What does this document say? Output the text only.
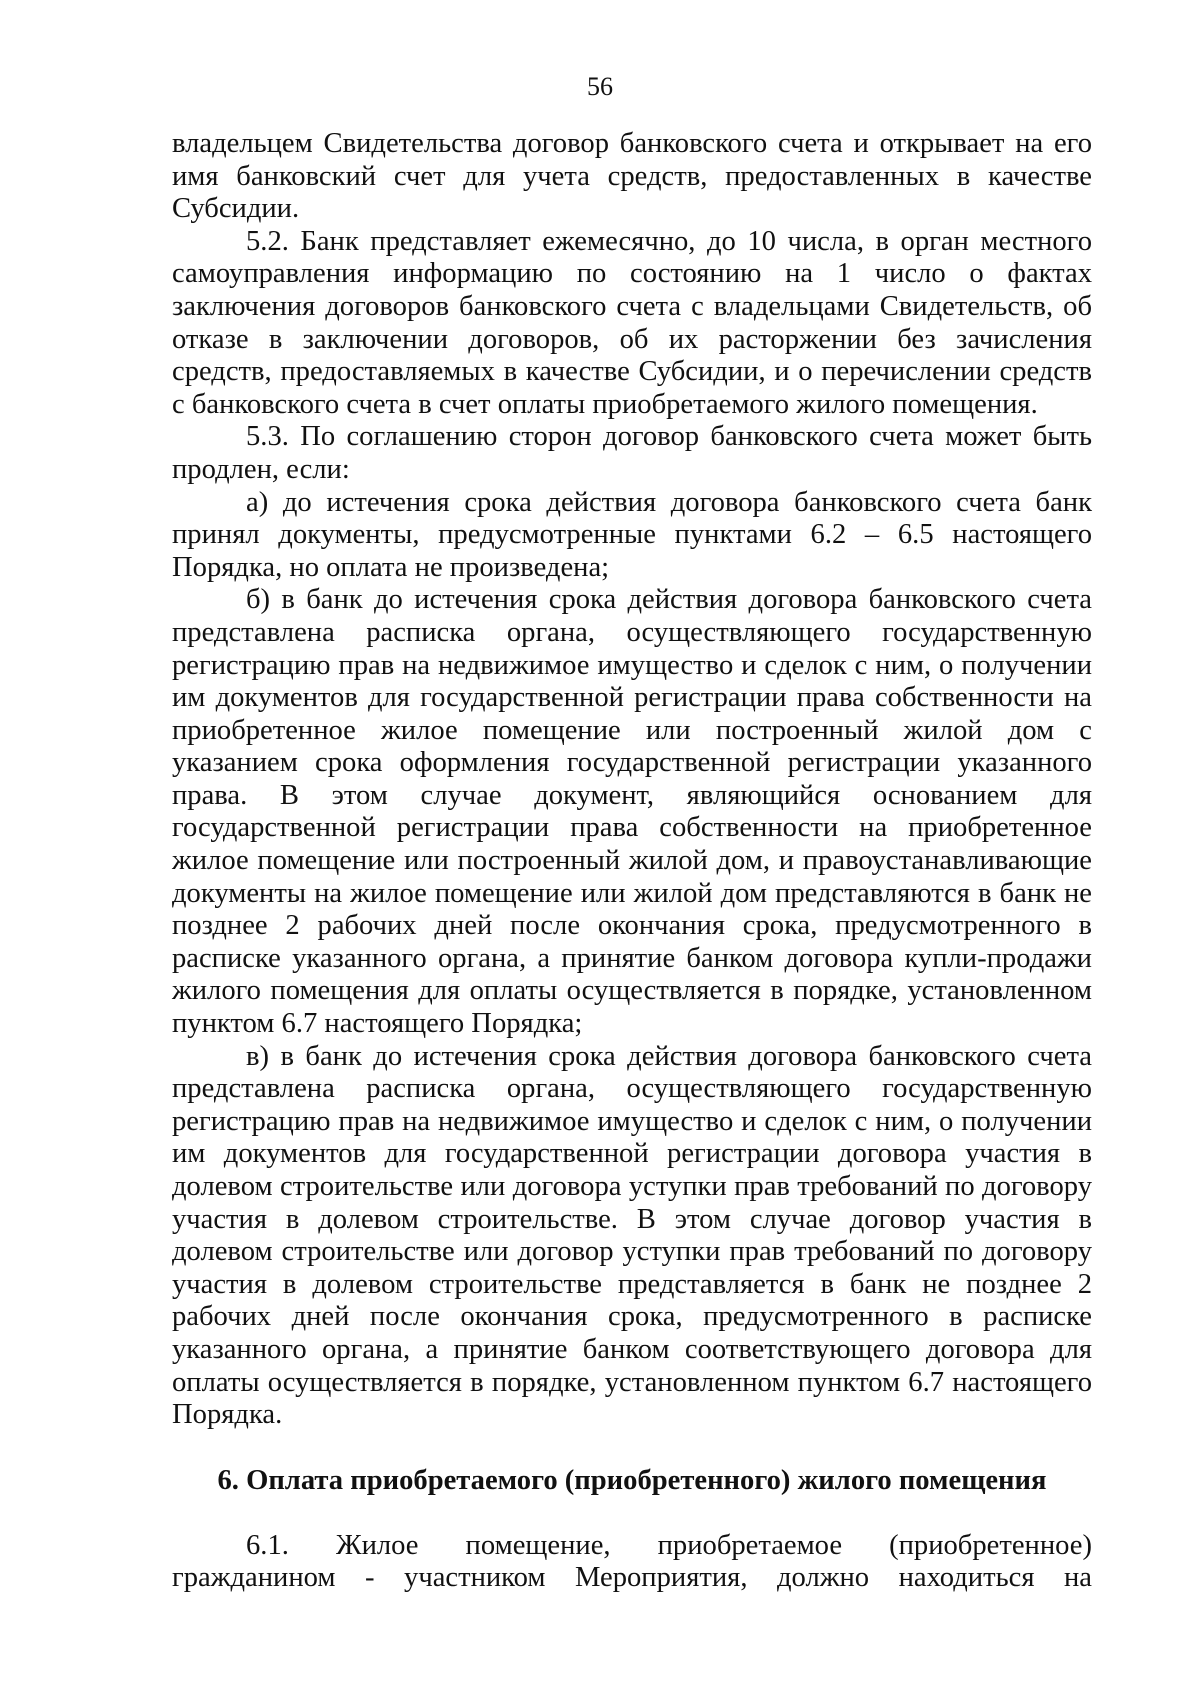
56

владельцем Свидетельства договор банковского счета и открывает на его имя банковский счет для учета средств, предоставленных в качестве Субсидии.

5.2. Банк представляет ежемесячно, до 10 числа, в орган местного самоуправления информацию по состоянию на 1 число о фактах заключения договоров банковского счета с владельцами Свидетельств, об отказе в заключении договоров, об их расторжении без зачисления средств, предоставляемых в качестве Субсидии, и о перечислении средств с банковского счета в счет оплаты приобретаемого жилого помещения.

5.3. По соглашению сторон договор банковского счета может быть продлен, если:

а) до истечения срока действия договора банковского счета банк принял документы, предусмотренные пунктами 6.2 – 6.5 настоящего Порядка, но оплата не произведена;

б) в банк до истечения срока действия договора банковского счета представлена расписка органа, осуществляющего государственную регистрацию прав на недвижимое имущество и сделок с ним, о получении им документов для государственной регистрации права собственности на приобретенное жилое помещение или построенный жилой дом с указанием срока оформления государственной регистрации указанного права. В этом случае документ, являющийся основанием для государственной регистрации права собственности на приобретенное жилое помещение или построенный жилой дом, и правоустанавливающие документы на жилое помещение или жилой дом представляются в банк не позднее 2 рабочих дней после окончания срока, предусмотренного в расписке указанного органа, а принятие банком договора купли-продажи жилого помещения для оплаты осуществляется в порядке, установленном пунктом 6.7 настоящего Порядка;

в) в банк до истечения срока действия договора банковского счета представлена расписка органа, осуществляющего государственную регистрацию прав на недвижимое имущество и сделок с ним, о получении им документов для государственной регистрации договора участия в долевом строительстве или договора уступки прав требований по договору участия в долевом строительстве. В этом случае договор участия в долевом строительстве или договор уступки прав требований по договору участия в долевом строительстве представляется в банк не позднее 2 рабочих дней после окончания срока, предусмотренного в расписке указанного органа, а принятие банком соответствующего договора для оплаты осуществляется в порядке, установленном пунктом 6.7 настоящего Порядка.

6. Оплата приобретаемого (приобретенного) жилого помещения

6.1. Жилое помещение, приобретаемое (приобретенное) гражданином - участником Мероприятия, должно находиться на
